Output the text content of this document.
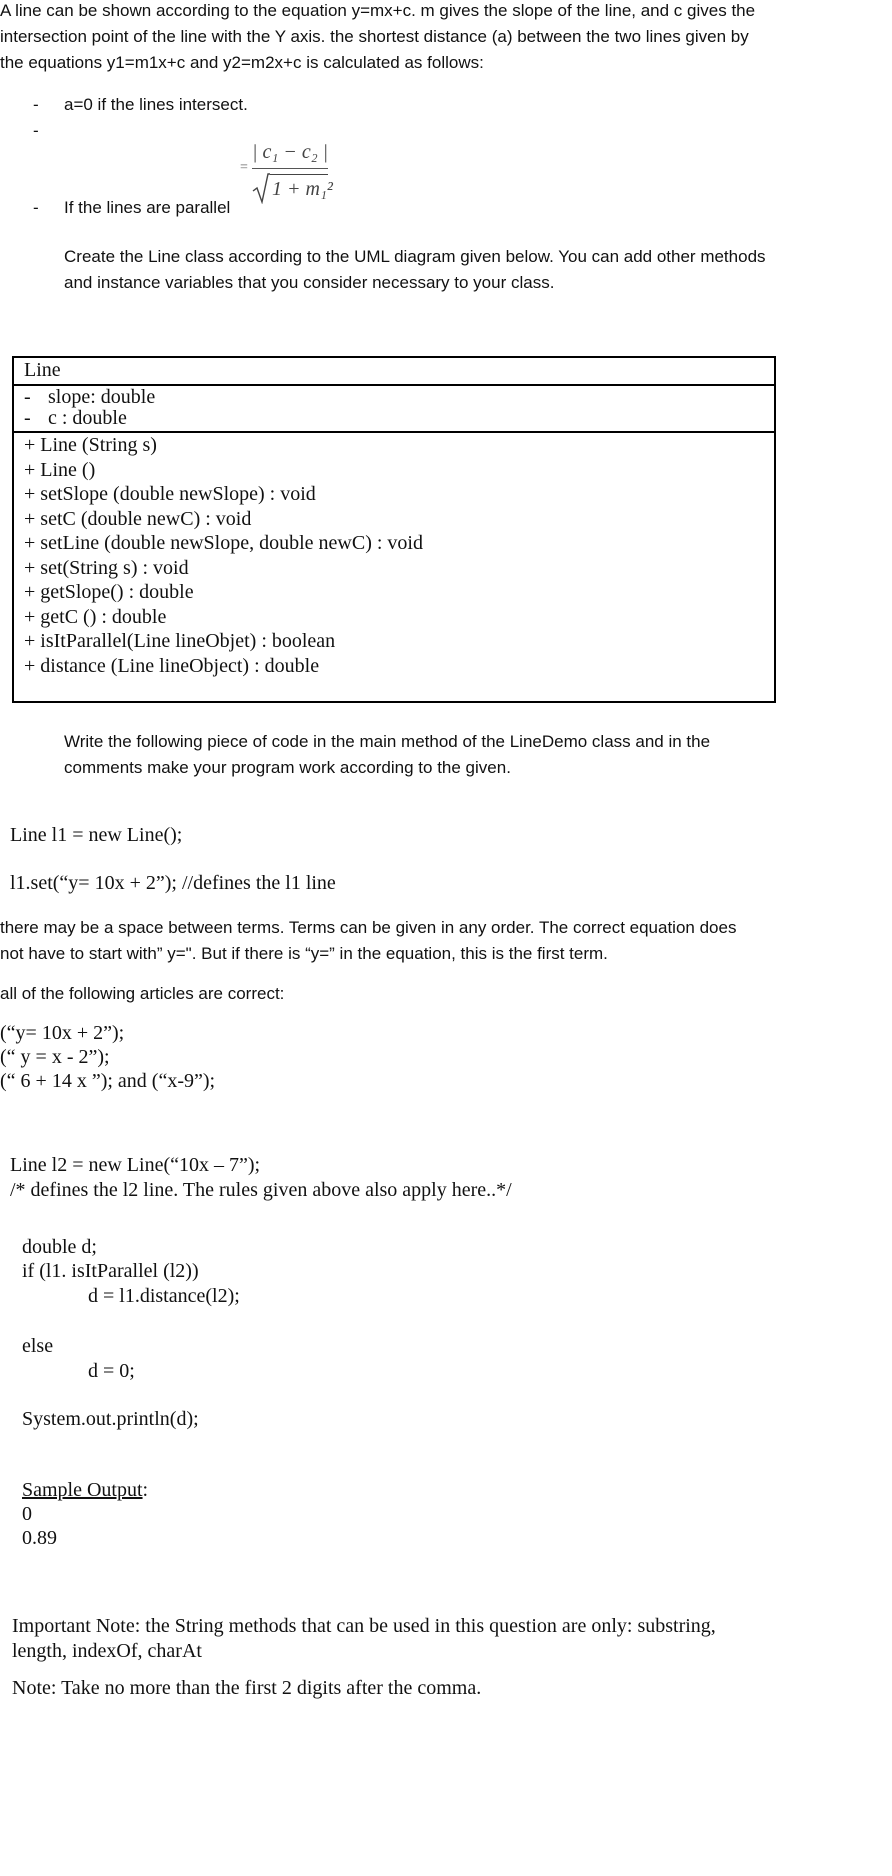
A line can be shown according to the equation y=mx+c. m gives the slope of the line, and c gives the

intersection point of the line with the Y axis. the shortest distance (a) between the two lines given by

the equations y1=m1x+c and y2=m2x+c is calculated as follows:

- a=0 if the lines intersect.
-
- If the lines are parallel
=
| c₁ − c₂ |
1 + m₁²

Create the Line class according to the UML diagram given below. You can add other methods

and instance variables that you consider necessary to your class.

Line
- slope: double
- c : double
+ Line (String s)
+ Line ()
+ setSlope (double newSlope) : void
+ setC (double newC) : void
+ setLine (double newSlope, double newC) : void
+ set(String s) : void
+ getSlope() : double
+ getC () : double
+ isItParallel(Line lineObjet) : boolean
+ distance (Line lineObject) : double

Write the following piece of code in the main method of the LineDemo class and in the

comments make your program work according to the given.

Line l1 = new Line();

l1.set(“y= 10x + 2”); //defines the l1 line

there may be a space between terms. Terms can be given in any order. The correct equation does

not have to start with” y=". But if there is “y=” in the equation, this is the first term.

all of the following articles are correct:

(“y= 10x + 2”);

(“ y = x - 2”);

(“ 6 + 14 x ”); and (“x-9”);

Line l2 = new Line(“10x – 7”);

/* defines the l2 line. The rules given above also apply here..*/

double d;

if (l1. isItParallel (l2))

d = l1.distance(l2);

else

d = 0;

System.out.println(d);

Sample Output:

0

0.89

Important Note: the String methods that can be used in this question are only: substring,

length, indexOf, charAt

Note: Take no more than the first 2 digits after the comma.
